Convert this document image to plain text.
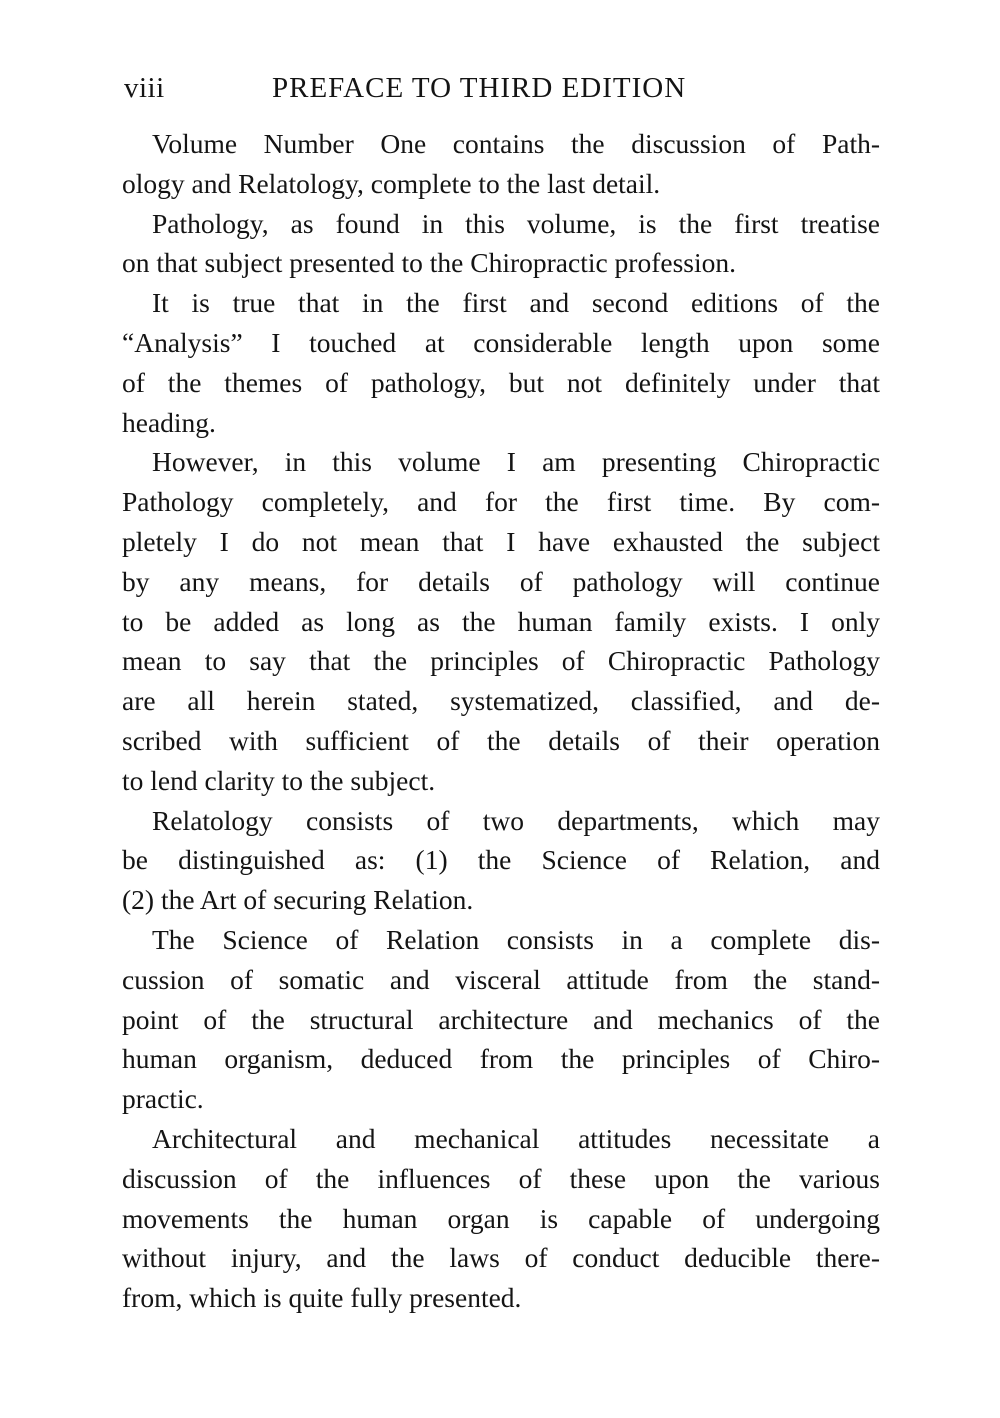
viii	PREFACE TO THIRD EDITION

Volume Number One contains the discussion of Path-
ology and Relatology, complete to the last detail.

Pathology, as found in this volume, is the first treatise
on that subject presented to the Chiropractic profession.

It is true that in the first and second editions of the
“Analysis” I touched at considerable length upon some
of the themes of pathology, but not definitely under that
heading.

However, in this volume I am presenting Chiropractic
Pathology completely, and for the first time. By com-
pletely I do not mean that I have exhausted the subject
by any means, for details of pathology will continue
to be added as long as the human family exists. I only
mean to say that the principles of Chiropractic Pathology
are all herein stated, systematized, classified, and de-
scribed with sufficient of the details of their operation
to lend clarity to the subject.

Relatology consists of two departments, which may
be distinguished as: (1) the Science of Relation, and
(2) the Art of securing Relation.

The Science of Relation consists in a complete dis-
cussion of somatic and visceral attitude from the stand-
point of the structural architecture and mechanics of the
human organism, deduced from the principles of Chiro-
practic.

Architectural and mechanical attitudes necessitate a
discussion of the influences of these upon the various
movements the human organ is capable of undergoing
without injury, and the laws of conduct deducible there-
from, which is quite fully presented.
